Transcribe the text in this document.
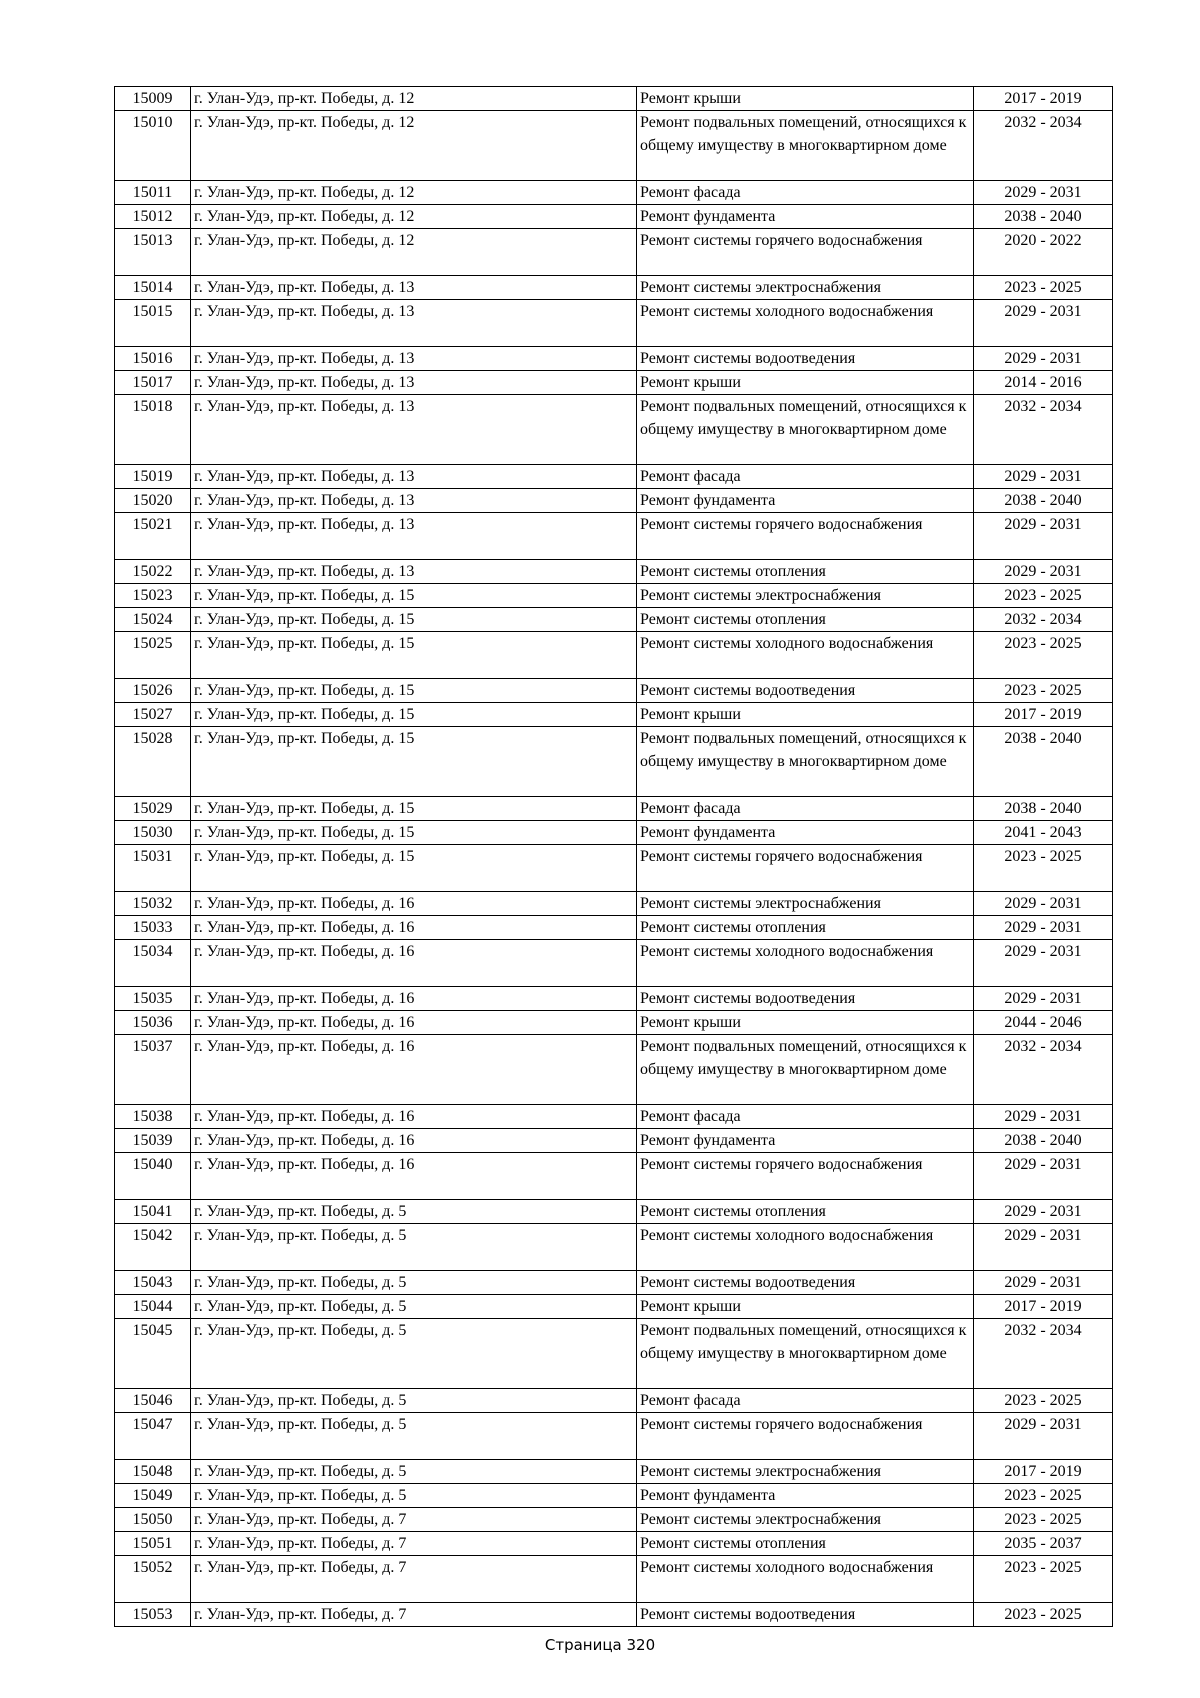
15009	г. Улан-Удэ, пр-кт. Победы, д. 12	Ремонт крыши	2017 - 2019
15010	г. Улан-Удэ, пр-кт. Победы, д. 12	Ремонт подвальных помещений, относящихся к общему имуществу в многоквартирном доме	2032 - 2034
15011	г. Улан-Удэ, пр-кт. Победы, д. 12	Ремонт фасада	2029 - 2031
15012	г. Улан-Удэ, пр-кт. Победы, д. 12	Ремонт фундамента	2038 - 2040
15013	г. Улан-Удэ, пр-кт. Победы, д. 12	Ремонт системы горячего водоснабжения	2020 - 2022
15014	г. Улан-Удэ, пр-кт. Победы, д. 13	Ремонт системы электроснабжения	2023 - 2025
15015	г. Улан-Удэ, пр-кт. Победы, д. 13	Ремонт системы холодного водоснабжения	2029 - 2031
15016	г. Улан-Удэ, пр-кт. Победы, д. 13	Ремонт системы водоотведения	2029 - 2031
15017	г. Улан-Удэ, пр-кт. Победы, д. 13	Ремонт крыши	2014 - 2016
15018	г. Улан-Удэ, пр-кт. Победы, д. 13	Ремонт подвальных помещений, относящихся к общему имуществу в многоквартирном доме	2032 - 2034
15019	г. Улан-Удэ, пр-кт. Победы, д. 13	Ремонт фасада	2029 - 2031
15020	г. Улан-Удэ, пр-кт. Победы, д. 13	Ремонт фундамента	2038 - 2040
15021	г. Улан-Удэ, пр-кт. Победы, д. 13	Ремонт системы горячего водоснабжения	2029 - 2031
15022	г. Улан-Удэ, пр-кт. Победы, д. 13	Ремонт системы отопления	2029 - 2031
15023	г. Улан-Удэ, пр-кт. Победы, д. 15	Ремонт системы электроснабжения	2023 - 2025
15024	г. Улан-Удэ, пр-кт. Победы, д. 15	Ремонт системы отопления	2032 - 2034
15025	г. Улан-Удэ, пр-кт. Победы, д. 15	Ремонт системы холодного водоснабжения	2023 - 2025
15026	г. Улан-Удэ, пр-кт. Победы, д. 15	Ремонт системы водоотведения	2023 - 2025
15027	г. Улан-Удэ, пр-кт. Победы, д. 15	Ремонт крыши	2017 - 2019
15028	г. Улан-Удэ, пр-кт. Победы, д. 15	Ремонт подвальных помещений, относящихся к общему имуществу в многоквартирном доме	2038 - 2040
15029	г. Улан-Удэ, пр-кт. Победы, д. 15	Ремонт фасада	2038 - 2040
15030	г. Улан-Удэ, пр-кт. Победы, д. 15	Ремонт фундамента	2041 - 2043
15031	г. Улан-Удэ, пр-кт. Победы, д. 15	Ремонт системы горячего водоснабжения	2023 - 2025
15032	г. Улан-Удэ, пр-кт. Победы, д. 16	Ремонт системы электроснабжения	2029 - 2031
15033	г. Улан-Удэ, пр-кт. Победы, д. 16	Ремонт системы отопления	2029 - 2031
15034	г. Улан-Удэ, пр-кт. Победы, д. 16	Ремонт системы холодного водоснабжения	2029 - 2031
15035	г. Улан-Удэ, пр-кт. Победы, д. 16	Ремонт системы водоотведения	2029 - 2031
15036	г. Улан-Удэ, пр-кт. Победы, д. 16	Ремонт крыши	2044 - 2046
15037	г. Улан-Удэ, пр-кт. Победы, д. 16	Ремонт подвальных помещений, относящихся к общему имуществу в многоквартирном доме	2032 - 2034
15038	г. Улан-Удэ, пр-кт. Победы, д. 16	Ремонт фасада	2029 - 2031
15039	г. Улан-Удэ, пр-кт. Победы, д. 16	Ремонт фундамента	2038 - 2040
15040	г. Улан-Удэ, пр-кт. Победы, д. 16	Ремонт системы горячего водоснабжения	2029 - 2031
15041	г. Улан-Удэ, пр-кт. Победы, д. 5	Ремонт системы отопления	2029 - 2031
15042	г. Улан-Удэ, пр-кт. Победы, д. 5	Ремонт системы холодного водоснабжения	2029 - 2031
15043	г. Улан-Удэ, пр-кт. Победы, д. 5	Ремонт системы водоотведения	2029 - 2031
15044	г. Улан-Удэ, пр-кт. Победы, д. 5	Ремонт крыши	2017 - 2019
15045	г. Улан-Удэ, пр-кт. Победы, д. 5	Ремонт подвальных помещений, относящихся к общему имуществу в многоквартирном доме	2032 - 2034
15046	г. Улан-Удэ, пр-кт. Победы, д. 5	Ремонт фасада	2023 - 2025
15047	г. Улан-Удэ, пр-кт. Победы, д. 5	Ремонт системы горячего водоснабжения	2029 - 2031
15048	г. Улан-Удэ, пр-кт. Победы, д. 5	Ремонт системы электроснабжения	2017 - 2019
15049	г. Улан-Удэ, пр-кт. Победы, д. 5	Ремонт фундамента	2023 - 2025
15050	г. Улан-Удэ, пр-кт. Победы, д. 7	Ремонт системы электроснабжения	2023 - 2025
15051	г. Улан-Удэ, пр-кт. Победы, д. 7	Ремонт системы отопления	2035 - 2037
15052	г. Улан-Удэ, пр-кт. Победы, д. 7	Ремонт системы холодного водоснабжения	2023 - 2025
15053	г. Улан-Удэ, пр-кт. Победы, д. 7	Ремонт системы водоотведения	2023 - 2025
Страница 320
